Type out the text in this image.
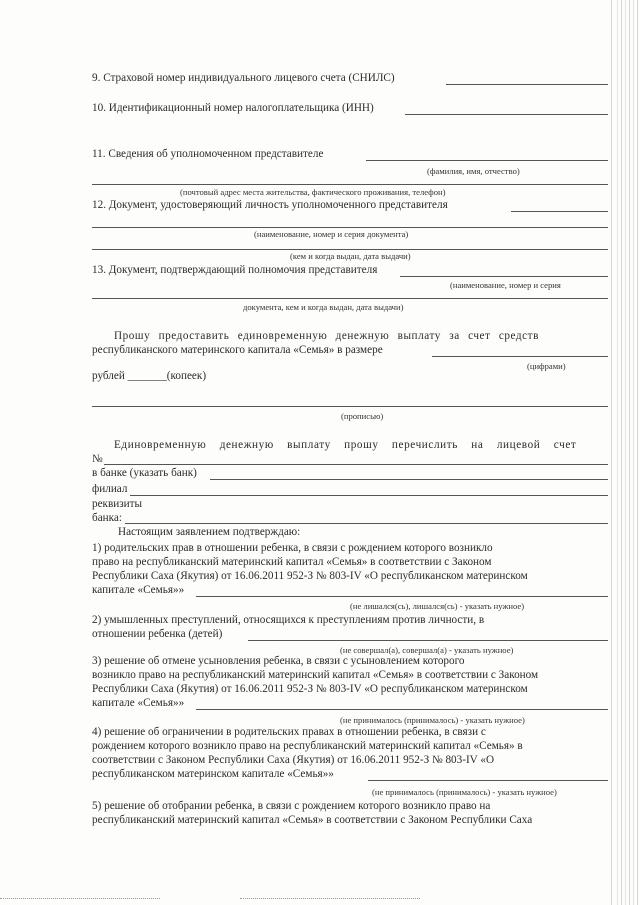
9. Страховой номер индивидуального лицевого счета (СНИЛС)
10. Идентификационный номер налогоплательщика (ИНН)
11. Сведения об уполномоченном представителе
(фамилия, имя, отчество)
(почтовый адрес места жительства, фактического проживания, телефон)
12. Документ, удостоверяющий личность уполномоченного представителя
(наименование, номер и серия документа)
(кем и когда выдан, дата выдачи)
13. Документ, подтверждающий полномочия представителя
(наименование, номер и серия
документа, кем и когда выдан, дата выдачи)
Прошу предоставить единовременную денежную выплату за счет средств
республиканского материнского капитала «Семья» в размере
(цифрами)
рублей _______(копеек)
(прописью)
Единовременную денежную выплату прошу перечислить на лицевой счет
№
в банке (указать банк)
филиал
реквизиты
банка:
Настоящим заявлением подтверждаю:
1) родительских прав в отношении ребенка, в связи с рождением которого возникло
право на республиканский материнский капитал «Семья» в соответствии с Законом
Республики Саха (Якутия) от 16.06.2011 952-З № 803-IV «О республиканском материнском
капитале «Семья»»
(не лишался(сь), лишался(сь) - указать нужное)
2) умышленных преступлений, относящихся к преступлениям против личности, в
отношении ребенка (детей)
(не совершал(а), совершал(а) - указать нужное)
3) решение об отмене усыновления ребенка, в связи с усыновлением которого
возникло право на республиканский материнский капитал «Семья» в соответствии с Законом
Республики Саха (Якутия) от 16.06.2011 952-З № 803-IV «О республиканском материнском
капитале «Семья»»
(не принималось (принималось) - указать нужное)
4) решение об ограничении в родительских правах в отношении ребенка, в связи с
рождением которого возникло право на республиканский материнский капитал «Семья» в
соответствии с Законом Республики Саха (Якутия) от 16.06.2011 952-З № 803-IV «О
республиканском материнском капитале «Семья»»
(не принималось (принималось) - указать нужное)
5) решение об отобрании ребенка, в связи с рождением которого возникло право на
республиканский материнский капитал «Семья» в соответствии с Законом Республики Саха
